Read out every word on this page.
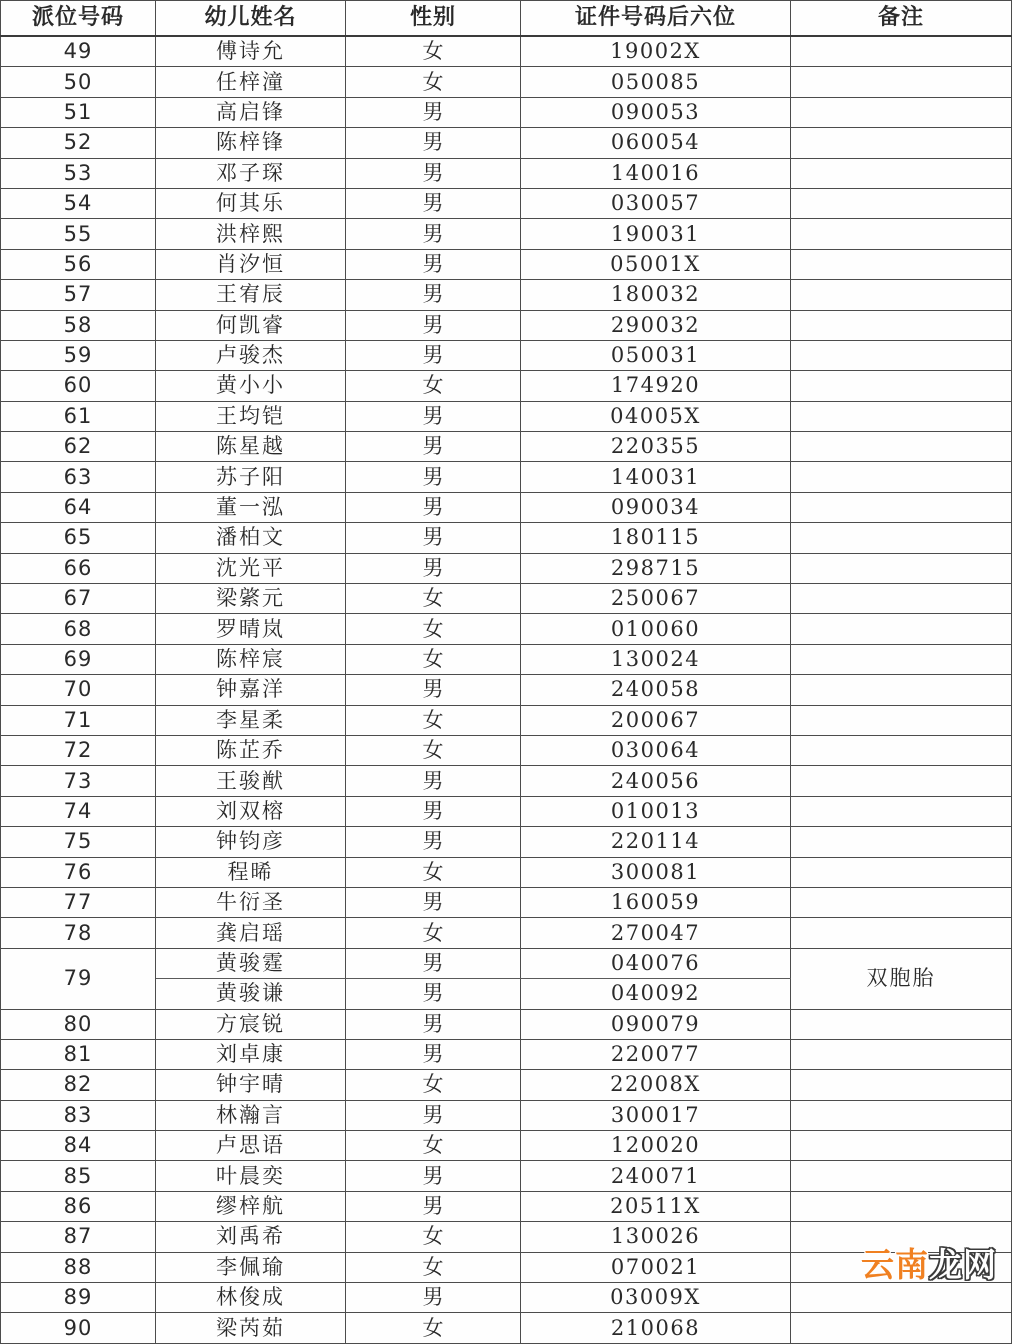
派位号码	幼儿姓名	性别	证件号码后六位	备注
49	傅诗允	女	19002X	
50	任梓潼	女	050085	
51	高启锋	男	090053	
52	陈梓锋	男	060054	
53	邓子琛	男	140016	
54	何其乐	男	030057	
55	洪梓熙	男	190031	
56	肖汐恒	男	05001X	
57	王宥辰	男	180032	
58	何凯睿	男	290032	
59	卢骏杰	男	050031	
60	黄小小	女	174920	
61	王均铠	男	04005X	
62	陈星越	男	220355	
63	苏子阳	男	140031	
64	董一泓	男	090034	
65	潘柏文	男	180115	
66	沈光平	男	298715	
67	梁綮元	女	250067	
68	罗晴岚	女	010060	
69	陈梓宸	女	130024	
70	钟嘉洋	男	240058	
71	李星柔	女	200067	
72	陈芷乔	女	030064	
73	王骏猷	男	240056	
74	刘双榕	男	010013	
75	钟钧彦	男	220114	
76	程晞	女	300081	
77	牛衍圣	男	160059	
78	龚启瑶	女	270047	
79	黄骏霆	男	040076	双胞胎
	黄骏谦	男	040092	
80	方宸锐	男	090079	
81	刘卓康	男	220077	
82	钟宇晴	女	22008X	
83	林瀚言	男	300017	
84	卢思语	女	120020	
85	叶晨奕	男	240071	
86	缪梓航	男	20511X	
87	刘禹希	女	130026	
88	李佩瑜	女	070021	
89	林俊成	男	03009X	
90	梁芮茹	女	210068	
云南龙网
